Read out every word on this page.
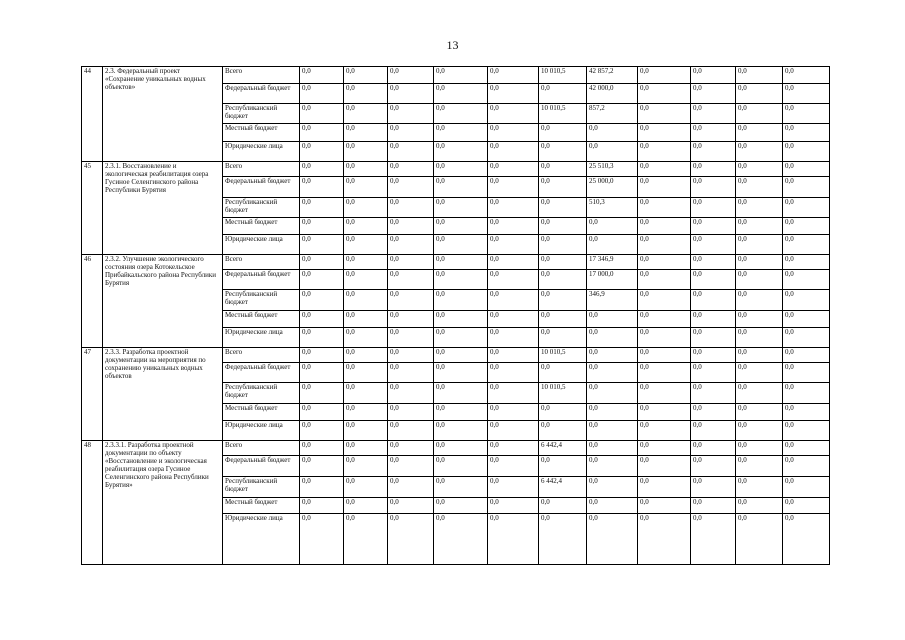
13
44	2.3. Федеральный проект «Сохранение уникальных водных объектов»	Всего	0,0	0,0	0,0	0,0	0,0	10 010,5	42 857,2	0,0	0,0	0,0	0,0
		Федеральный бюджет	0,0	0,0	0,0	0,0	0,0	0,0	42 000,0	0,0	0,0	0,0	0,0
		Республиканский бюджет	0,0	0,0	0,0	0,0	0,0	10 010,5	857,2	0,0	0,0	0,0	0,0
		Местный бюджет	0,0	0,0	0,0	0,0	0,0	0,0	0,0	0,0	0,0	0,0	0,0
		Юридические лица	0,0	0,0	0,0	0,0	0,0	0,0	0,0	0,0	0,0	0,0	0,0
45	2.3.1. Восстановление и экологическая реабилитация озера Гусиное Селенгинского района Республики Бурятия	Всего	0,0	0,0	0,0	0,0	0,0	0,0	25 510,3	0,0	0,0	0,0	0,0
		Федеральный бюджет	0,0	0,0	0,0	0,0	0,0	0,0	25 000,0	0,0	0,0	0,0	0,0
		Республиканский бюджет	0,0	0,0	0,0	0,0	0,0	0,0	510,3	0,0	0,0	0,0	0,0
		Местный бюджет	0,0	0,0	0,0	0,0	0,0	0,0	0,0	0,0	0,0	0,0	0,0
		Юридические лица	0,0	0,0	0,0	0,0	0,0	0,0	0,0	0,0	0,0	0,0	0,0
46	2.3.2. Улучшение экологического состояния озера Котокельское Прибайкальского района Республики Бурятия	Всего	0,0	0,0	0,0	0,0	0,0	0,0	17 346,9	0,0	0,0	0,0	0,0
		Федеральный бюджет	0,0	0,0	0,0	0,0	0,0	0,0	17 000,0	0,0	0,0	0,0	0,0
		Республиканский бюджет	0,0	0,0	0,0	0,0	0,0	0,0	346,9	0,0	0,0	0,0	0,0
		Местный бюджет	0,0	0,0	0,0	0,0	0,0	0,0	0,0	0,0	0,0	0,0	0,0
		Юридические лица	0,0	0,0	0,0	0,0	0,0	0,0	0,0	0,0	0,0	0,0	0,0
47	2.3.3. Разработка проектной документации на мероприятия по сохранению уникальных водных объектов	Всего	0,0	0,0	0,0	0,0	0,0	10 010,5	0,0	0,0	0,0	0,0	0,0
		Федеральный бюджет	0,0	0,0	0,0	0,0	0,0	0,0	0,0	0,0	0,0	0,0	0,0
		Республиканский бюджет	0,0	0,0	0,0	0,0	0,0	10 010,5	0,0	0,0	0,0	0,0	0,0
		Местный бюджет	0,0	0,0	0,0	0,0	0,0	0,0	0,0	0,0	0,0	0,0	0,0
		Юридические лица	0,0	0,0	0,0	0,0	0,0	0,0	0,0	0,0	0,0	0,0	0,0
48	2.3.3.1. Разработка проектной документации по объекту «Восстановление и экологическая реабилитация озера Гусиное Селенгинского района Республики Бурятия»	Всего	0,0	0,0	0,0	0,0	0,0	6 442,4	0,0	0,0	0,0	0,0	0,0
		Федеральный бюджет	0,0	0,0	0,0	0,0	0,0	0,0	0,0	0,0	0,0	0,0	0,0
		Республиканский бюджет	0,0	0,0	0,0	0,0	0,0	6 442,4	0,0	0,0	0,0	0,0	0,0
		Местный бюджет	0,0	0,0	0,0	0,0	0,0	0,0	0,0	0,0	0,0	0,0	0,0
		Юридические лица	0,0	0,0	0,0	0,0	0,0	0,0	0,0	0,0	0,0	0,0	0,0
